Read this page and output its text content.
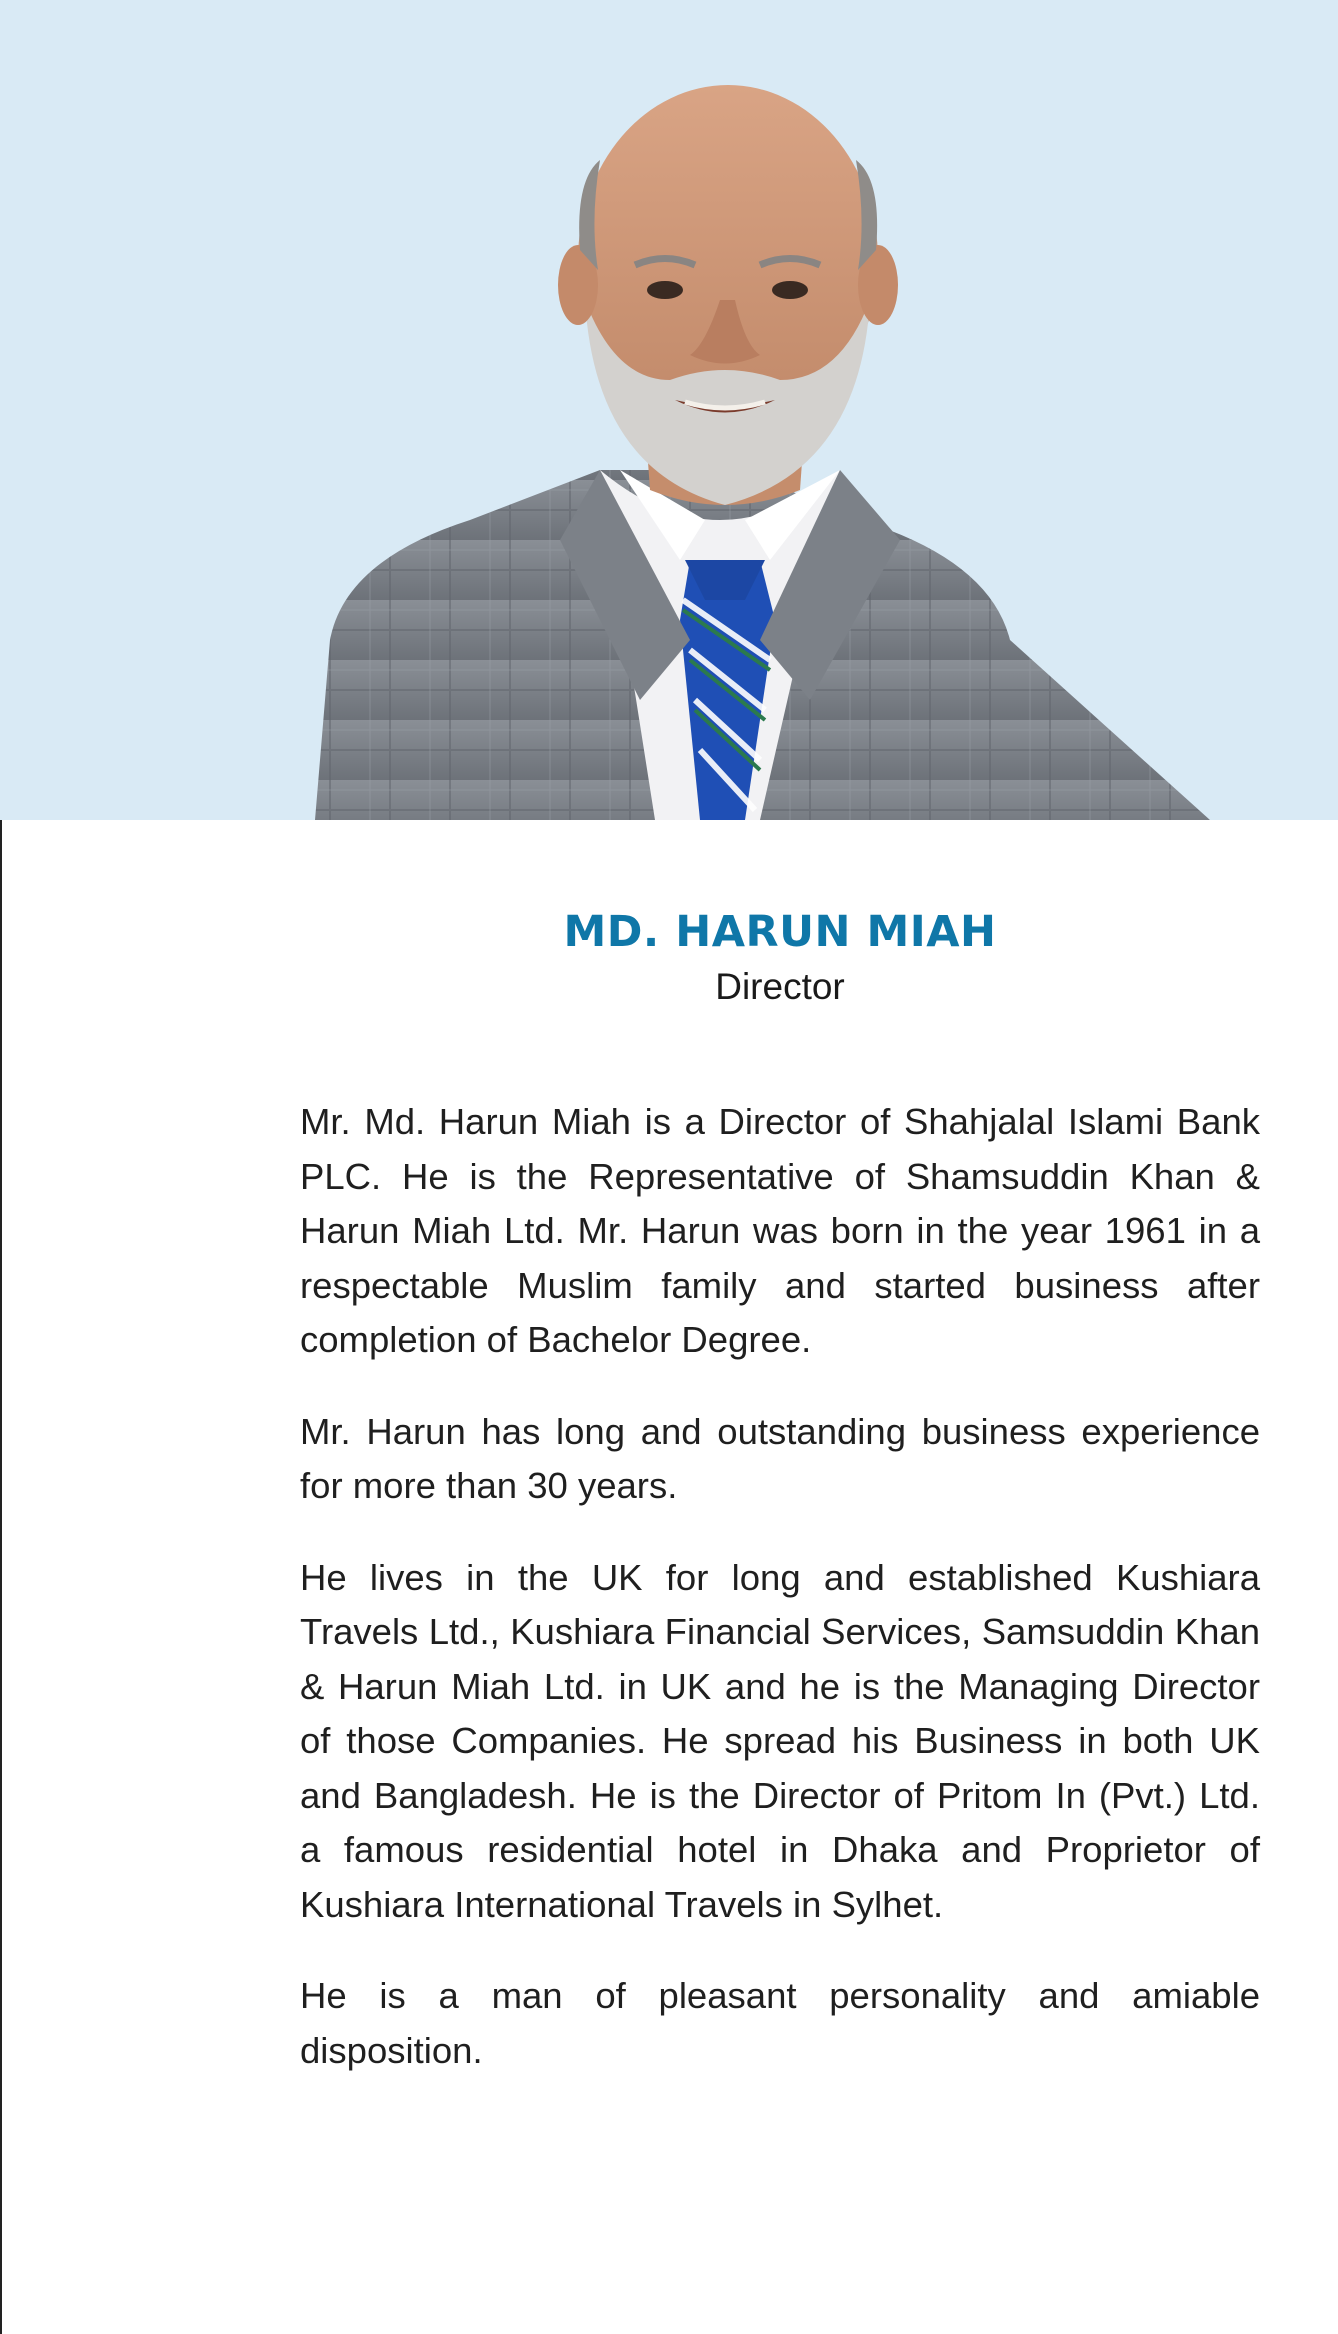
MD. HARUN MIAH
Director

Mr. Md. Harun Miah is a Director of Shahjalal Islami Bank PLC. He is the Representative of Shamsuddin Khan & Harun Miah Ltd. Mr. Harun was born in the year 1961 in a respectable Muslim family and started business after completion of Bachelor Degree.

Mr. Harun has long and outstanding business experience for more than 30 years.

He lives in the UK for long and established Kushiara Travels Ltd., Kushiara Financial Services, Samsuddin Khan & Harun Miah Ltd. in UK and he is the Managing Director of those Companies. He spread his Business in both UK and Bangladesh. He is the Director of Pritom In (Pvt.) Ltd. a famous residential hotel in Dhaka and Proprietor of Kushiara International Travels in Sylhet.

He is a man of pleasant personality and amiable disposition.
